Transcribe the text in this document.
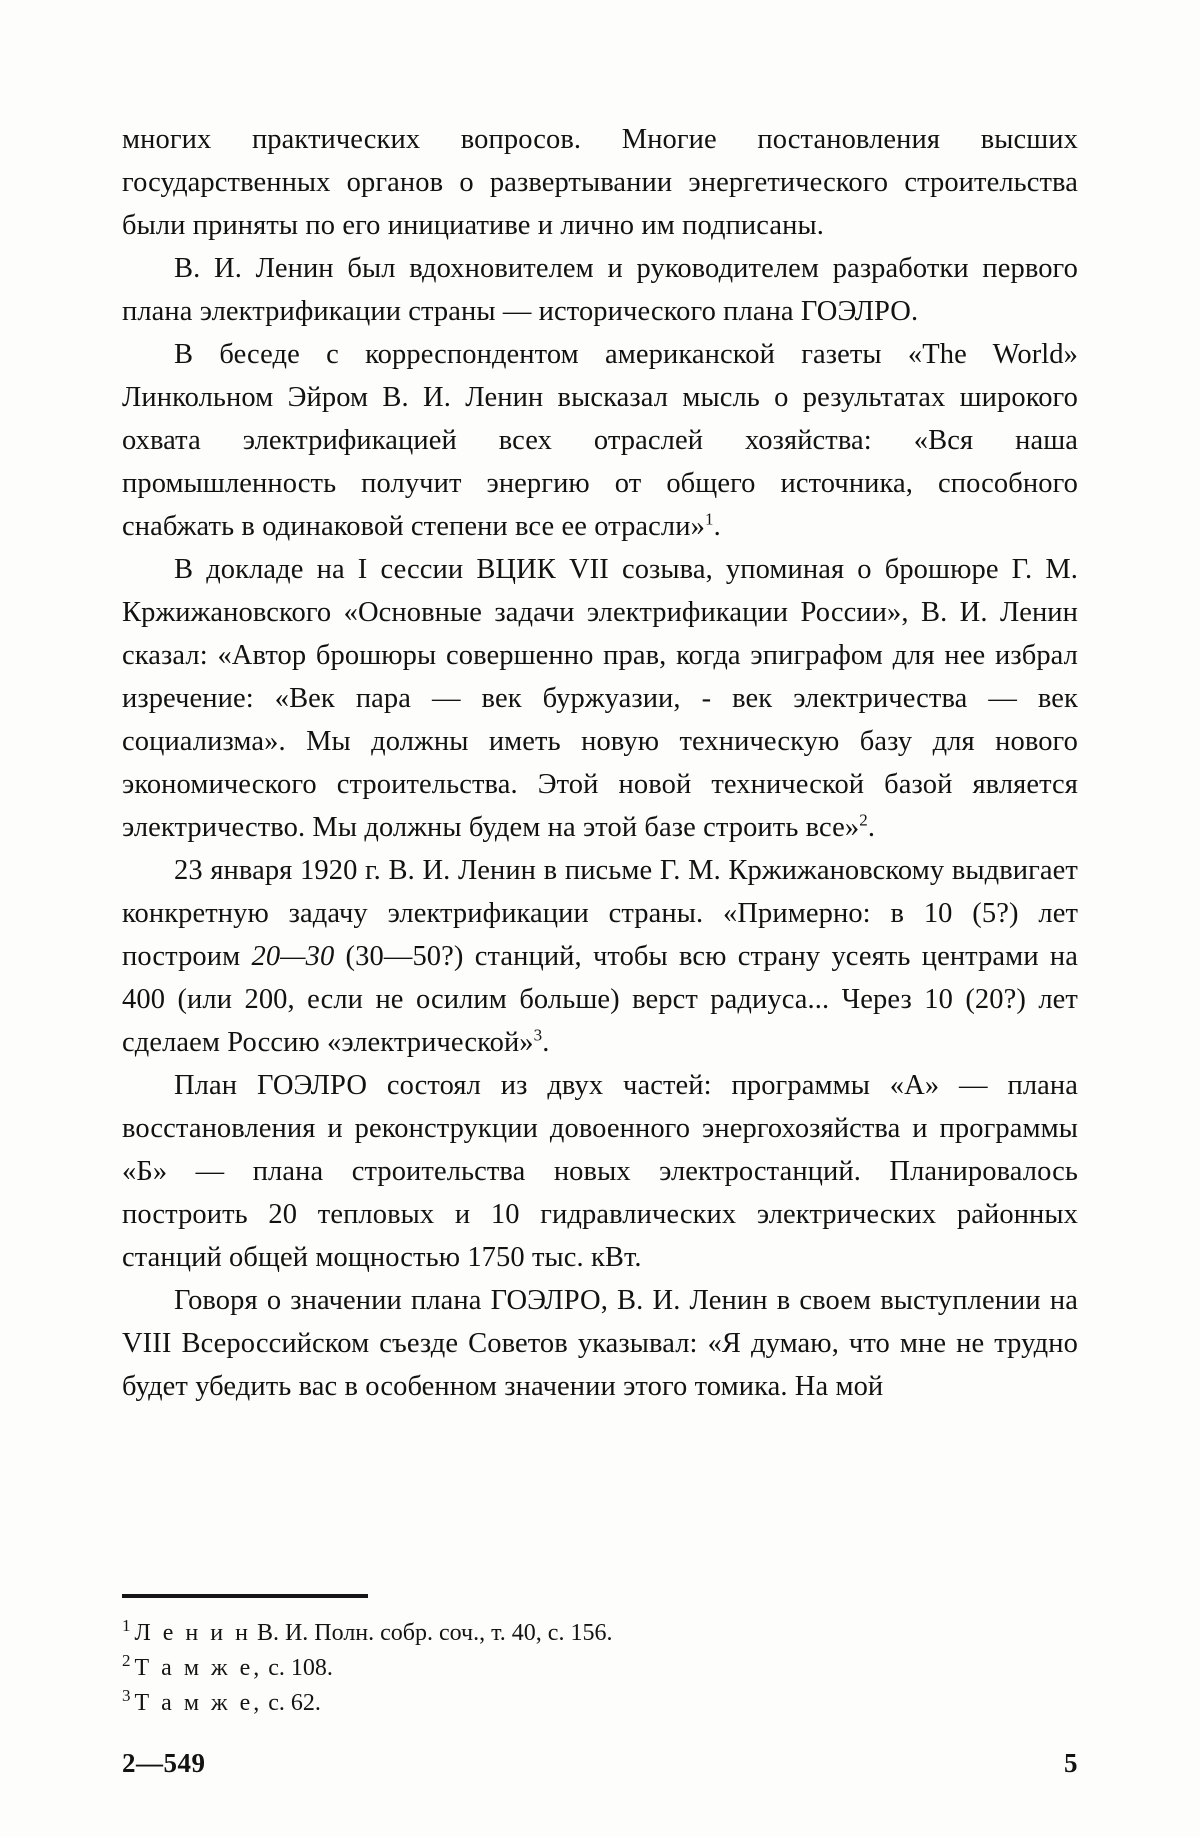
многих практических вопросов. Многие постановления высших государственных органов о развертывании энергетического строительства были приняты по его инициативе и лично им подписаны.

В. И. Ленин был вдохновителем и руководителем разработки первого плана электрификации страны — исторического плана ГОЭЛРО.

В беседе с корреспондентом американской газеты «The World» Линкольном Эйром В. И. Ленин высказал мысль о результатах широкого охвата электрификацией всех отраслей хозяйства: «Вся наша промышленность получит энергию от общего источника, способного снабжать в одинаковой степени все ее отрасли»$^1$.

В докладе на I сессии ВЦИК VII созыва, упоминая о брошюре Г. М. Кржижановского «Основные задачи электрификации России», В. И. Ленин сказал: «Автор брошюры совершенно прав, когда эпиграфом для нее избрал изречение: «Век пара — век буржуазии, - век электричества — век социализма». Мы должны иметь новую техническую базу для нового экономического строительства. Этой новой технической базой является электричество. Мы должны будем на этой базе строить все»$^2$.

23 января 1920 г. В. И. Ленин в письме Г. М. Кржижановскому выдвигает конкретную задачу электрификации страны. «Примерно: в 10 (5?) лет построим 20—30 (30—50?) станций, чтобы всю страну усеять центрами на 400 (или 200, если не осилим больше) верст радиуса... Через 10 (20?) лет сделаем Россию «электрической»$^3$.

План ГОЭЛРО состоял из двух частей: программы «А» — плана восстановления и реконструкции довоенного энергохозяйства и программы «Б» — плана строительства новых электростанций. Планировалось построить 20 тепловых и 10 гидравлических электрических районных станций общей мощностью 1750 тыс. кВт.

Говоря о значении плана ГОЭЛРО, В. И. Ленин в своем выступлении на VIII Всероссийском съезде Советов указывал: «Я думаю, что мне не трудно будет убедить вас в особенном значении этого томика. На мой

$^1$ Л е н и н В. И. Полн. собр. соч., т. 40, с. 156.

$^2$ Т а м ж е, с. 108.

$^3$ Т а м ж е, с. 62.

2—549	5
